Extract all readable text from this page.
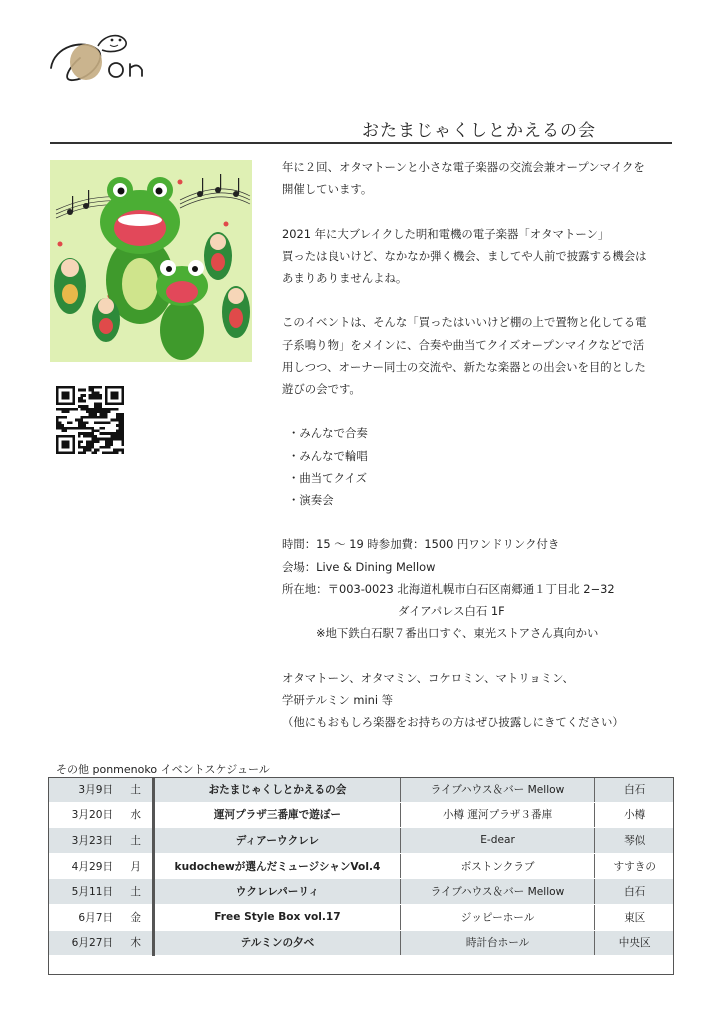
おたまじゃくしとかえるの会

年に２回、オタマトーンと小さな電子楽器の交流会兼オープンマイクを

開催しています。

2021 年に大ブレイクした明和電機の電子楽器「オタマトーン」

買ったは良いけど、なかなか弾く機会、ましてや人前で披露する機会は

あまりありませんよね。

このイベントは、そんな「買ったはいいけど棚の上で置物と化してる電

子系鳴り物」をメインに、合奏や曲当てクイズオープンマイクなどで活

用しつつ、オーナー同士の交流や、新たな楽器との出会いを目的とした

遊びの会です。

・みんなで合奏
・みんなで輪唱
・曲当てクイズ
・演奏会

時間：15 ～ 19 時参加費：1500 円ワンドリンク付き

会場：Live & Dining Mellow

所在地：〒003-0023 北海道札幌市白石区南郷通１丁目北 2−32

ダイアパレス白石 1F

※地下鉄白石駅７番出口すぐ、東光ストアさん真向かい

オタマトーン、オタマミン、コケロミン、マトリョミン、

学研テルミン mini 等

（他にもおもしろ楽器をお持ちの方はぜひ披露しにきてください）

その他 ponmenoko イベントスケジュール
3月9日	土	おたまじゃくしとかえるの会	ライブハウス＆バー Mellow	白石
3月20日	水	運河プラザ三番庫で遊ぼー	小樽 運河プラザ３番庫	小樽
3月23日	土	ディアーウクレレ	E-dear	琴似
4月29日	月	kudochewが選んだミュージシャンVol.4	ボストンクラブ	すすきの
5月11日	土	ウクレレパーリィ	ライブハウス＆バー Mellow	白石
6月7日	金	Free Style Box vol.17	ジッピーホール	東区
6月27日	木	テルミンの夕べ	時計台ホール	中央区
